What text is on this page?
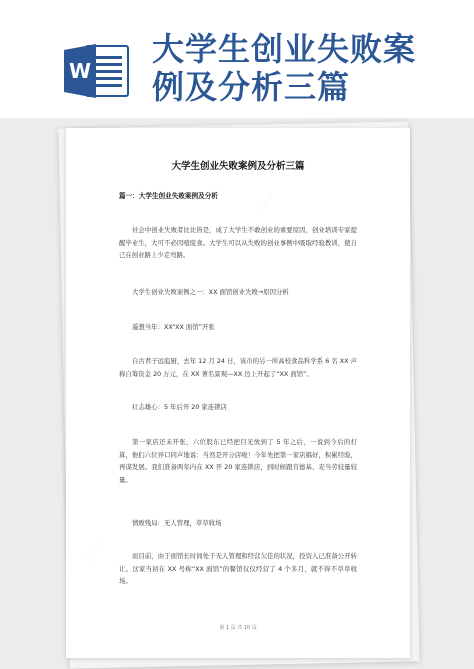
W
大学生创业失败案
例及分析三篇
⁄ ⁄ ⁄ ⁄ ⁄
⁄ ⁄ ⁄ ⁄ ⁄
大学生创业失败案例及分析三篇
篇一：大学生创业失败案例及分析
社会中创业失败者比比皆是，成了大学生不敢创业的重要原因，创业培训专家提醒毕业生，大可不必因噎废食。大学生可以从失败的创业事例中吸取经验教训，使自己在创业路上少走弯路。
大学生创业失败案例之一：XX 面馆创业失败→原因分析
遥想当年：XX“XX 面馆”开张
自古君子远庖厨，去年 12 月 24 日，该市的另一所高校食品科学系 6 名 XX 声称自筹资金 20 万元，在 XX 著名景观—XX 边上开起了“XX 面馆”。
壮志雄心：5 年后开 20 家连锁店
第一家店还未开张，六位股东已经把目光放到了 5 年之后，一说到今后的打算，他们六位异口同声地说：当然是开分店啦！今年先把第一家店搞好，积累经验，再谋发展。我们准备两年内在 XX 开 20 家连锁店，到时候跟肯德基、麦当劳较量较量。
情败残局：无人管理，草草收场
而目前，由于面馆长时间处于无人管理和经营欠佳的状况，投资人已准备公开转让。这家当初在 XX 号称“XX 面馆”的餐馆仅仅经营了 4 个多月，就不得不草草收场。
第 1 页 共 10 页
